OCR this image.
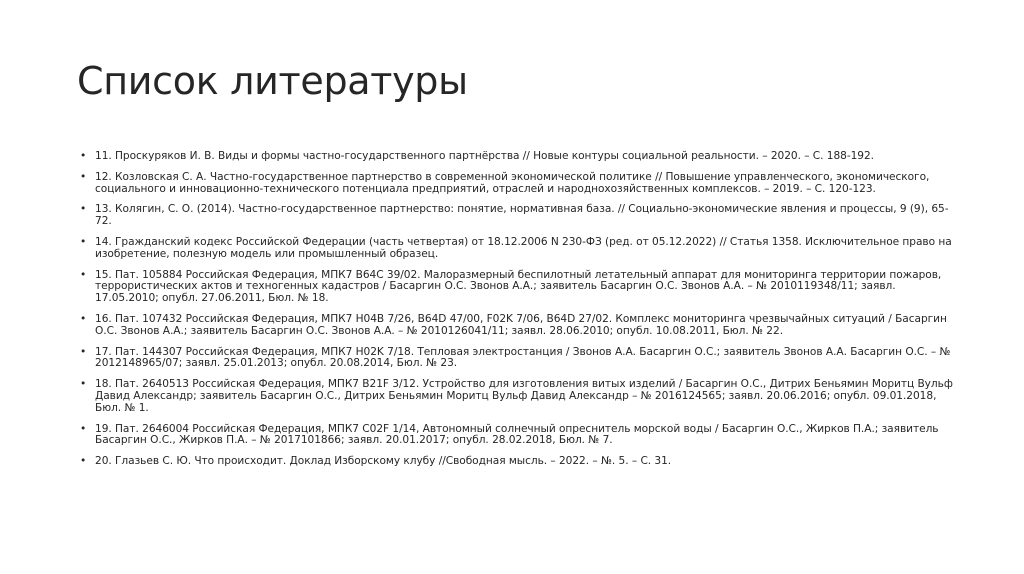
Список литературы
• 11. Проскуряков И. В. Виды и формы частно-государственного партнёрства // Новые контуры социальной реальности. – 2020. – С. 188-192.
• 12. Козловская С. А. Частно-государственное партнерство в современной экономической политике // Повышение управленческого, экономического, социального и инновационно-технического потенциала предприятий, отраслей и народнохозяйственных комплексов. – 2019. – С. 120-123.
• 13. Колягин, С. О. (2014). Частно-государственное партнерство: понятие, нормативная база. // Социально-экономические явления и процессы, 9 (9), 65-72.
• 14. Гражданский кодекс Российской Федерации (часть четвертая) от 18.12.2006 N 230-ФЗ (ред. от 05.12.2022) // Статья 1358. Исключительное право на изобретение, полезную модель или промышленный образец.
• 15. Пат. 105884 Российская Федерация, МПК7 B64C 39/02. Малоразмерный беспилотный летательный аппарат для мониторинга территории пожаров, террористических актов и техногенных кадастров / Басаргин О.С. Звонов А.А.; заявитель Басаргин О.С. Звонов А.А. – № 2010119348/11; заявл. 17.05.2010; опубл. 27.06.2011, Бюл. № 18.
• 16. Пат. 107432 Российская Федерация, МПК7 H04B 7/26, B64D 47/00, F02K 7/06, B64D 27/02. Комплекс мониторинга чрезвычайных ситуаций / Басаргин О.С. Звонов А.А.; заявитель Басаргин О.С. Звонов А.А. – № 2010126041/11; заявл. 28.06.2010; опубл. 10.08.2011, Бюл. № 22.
• 17. Пат. 144307 Российская Федерация, МПК7 H02K 7/18. Тепловая электростанция / Звонов А.А. Басаргин О.С.; заявитель Звонов А.А. Басаргин О.С. – № 2012148965/07; заявл. 25.01.2013; опубл. 20.08.2014, Бюл. № 23.
• 18. Пат. 2640513 Российская Федерация, МПК7 B21F 3/12. Устройство для изготовления витых изделий / Басаргин О.С., Дитрих Беньямин Моритц Вульф Давид Александр; заявитель Басаргин О.С., Дитрих Беньямин Моритц Вульф Давид Александр – № 2016124565; заявл. 20.06.2016; опубл. 09.01.2018, Бюл. № 1.
• 19. Пат. 2646004 Российская Федерация, МПК7 C02F 1/14, Автономный солнечный опреснитель морской воды / Басаргин О.С., Жирков П.А.; заявитель Басаргин О.С., Жирков П.А. – № 2017101866; заявл. 20.01.2017; опубл. 28.02.2018, Бюл. № 7.
• 20. Глазьев С. Ю. Что происходит. Доклад Изборскому клубу //Свободная мысль. – 2022. – №. 5. – С. 31.
